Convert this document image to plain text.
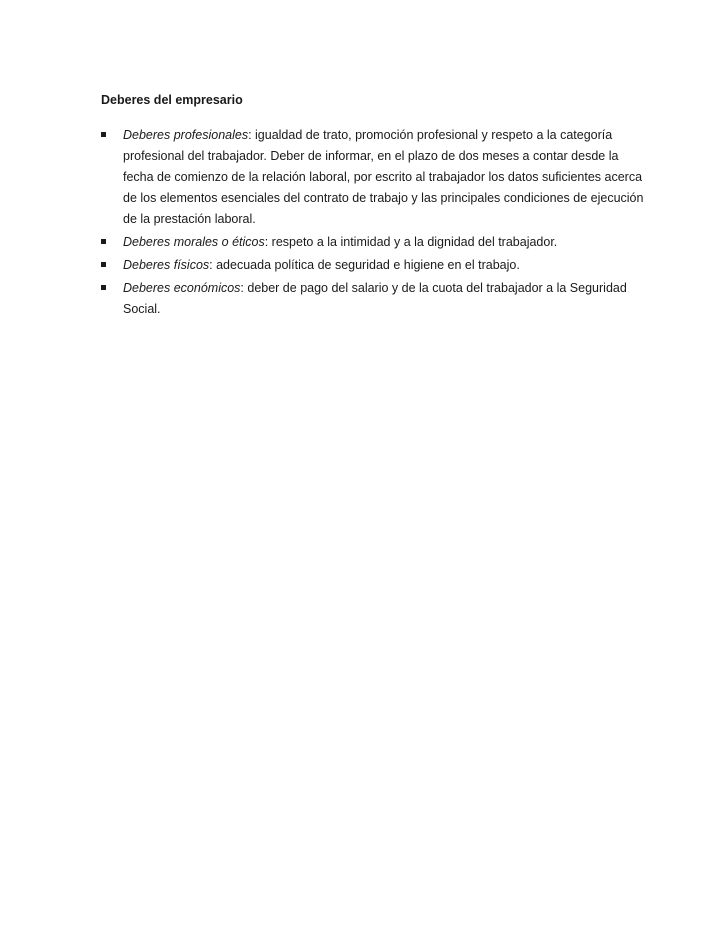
Deberes del empresario
Deberes profesionales: igualdad de trato, promoción profesional y respeto a la categoría
profesional del trabajador. Deber de informar, en el plazo de dos meses a contar desde la
fecha de comienzo de la relación laboral, por escrito al trabajador los datos suficientes acerca
de los elementos esenciales del contrato de trabajo y las principales condiciones de ejecución
de la prestación laboral.
Deberes morales o éticos: respeto a la intimidad y a la dignidad del trabajador.
Deberes físicos: adecuada política de seguridad e higiene en el trabajo.
Deberes económicos: deber de pago del salario y de la cuota del trabajador a la Seguridad
Social.
